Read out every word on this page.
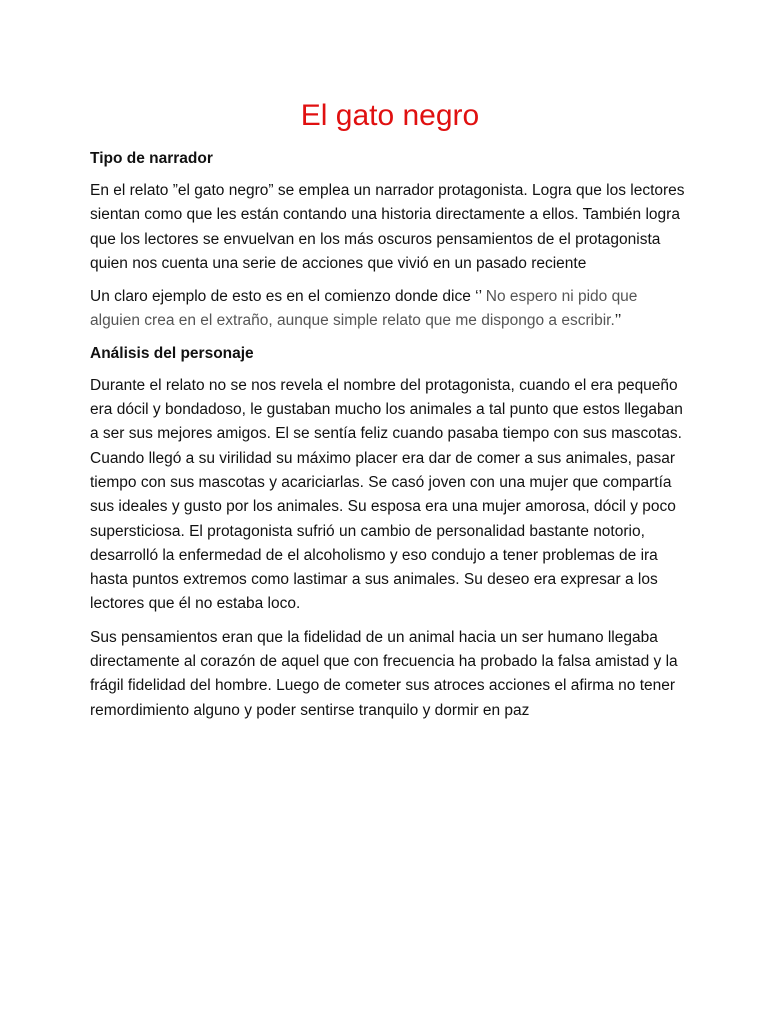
El gato negro
Tipo de narrador

En el relato ”el gato negro” se emplea un narrador protagonista. Logra que los lectores sientan como que les están contando una historia directamente a ellos. También logra que los lectores se envuelvan en los más oscuros pensamientos de el protagonista quien nos cuenta una serie de acciones que vivió en un pasado reciente

Un claro ejemplo de esto es en el comienzo donde dice ‘’ No espero ni pido que alguien crea en el extraño, aunque simple relato que me dispongo a escribir.’’

Análisis del personaje

Durante el relato no se nos revela el nombre del protagonista, cuando el era pequeño era dócil y bondadoso, le gustaban mucho los animales a tal punto que estos llegaban a ser sus mejores amigos. El se sentía feliz cuando pasaba tiempo con sus mascotas. Cuando llegó a su virilidad su máximo placer era dar de comer a sus animales, pasar tiempo con sus mascotas y acariciarlas. Se casó joven con una mujer que compartía sus ideales y gusto por los animales. Su esposa era una mujer amorosa, dócil y poco supersticiosa. El protagonista sufrió un cambio de personalidad bastante notorio, desarrolló la enfermedad de el alcoholismo y eso condujo a tener problemas de ira hasta puntos extremos como lastimar a sus animales. Su deseo era expresar a los lectores que él no estaba loco.

Sus pensamientos eran que la fidelidad de un animal hacia un ser humano llegaba directamente al corazón de aquel que con frecuencia ha probado la falsa amistad y la frágil fidelidad del hombre. Luego de cometer sus atroces acciones el afirma no tener remordimiento alguno y poder sentirse tranquilo y dormir en paz
